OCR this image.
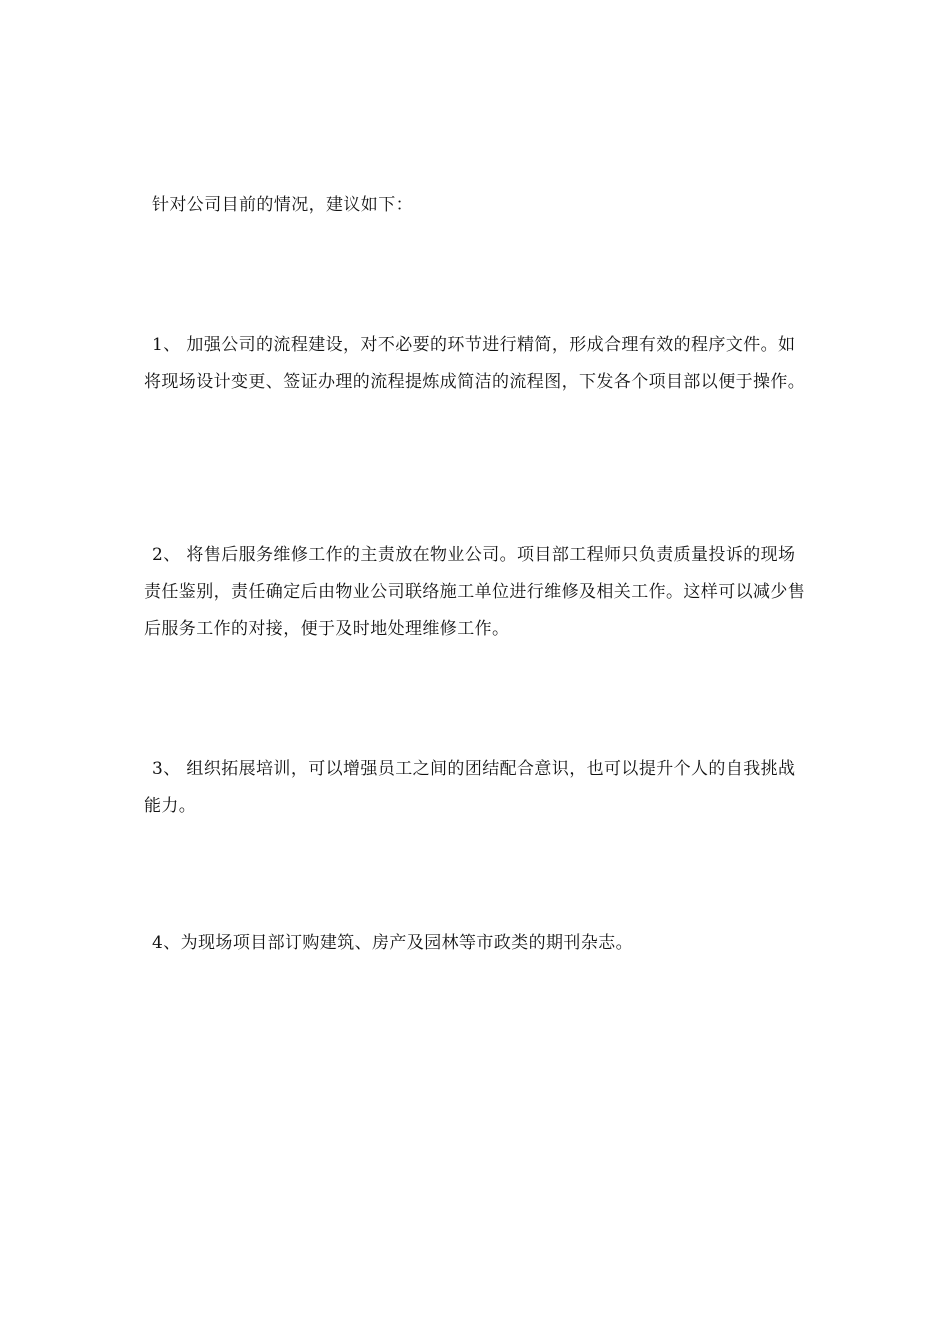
针对公司目前的情况，建议如下：

1、 加强公司的流程建设，对不必要的环节进行精简，形成合理有效的程序文件。如将现场设计变更、签证办理的流程提炼成简洁的流程图，下发各个项目部以便于操作。

2、 将售后服务维修工作的主责放在物业公司。项目部工程师只负责质量投诉的现场责任鉴别，责任确定后由物业公司联络施工单位进行维修及相关工作。这样可以减少售后服务工作的对接，便于及时地处理维修工作。

3、 组织拓展培训，可以增强员工之间的团结配合意识，也可以提升个人的自我挑战能力。

4、为现场项目部订购建筑、房产及园林等市政类的期刊杂志。
